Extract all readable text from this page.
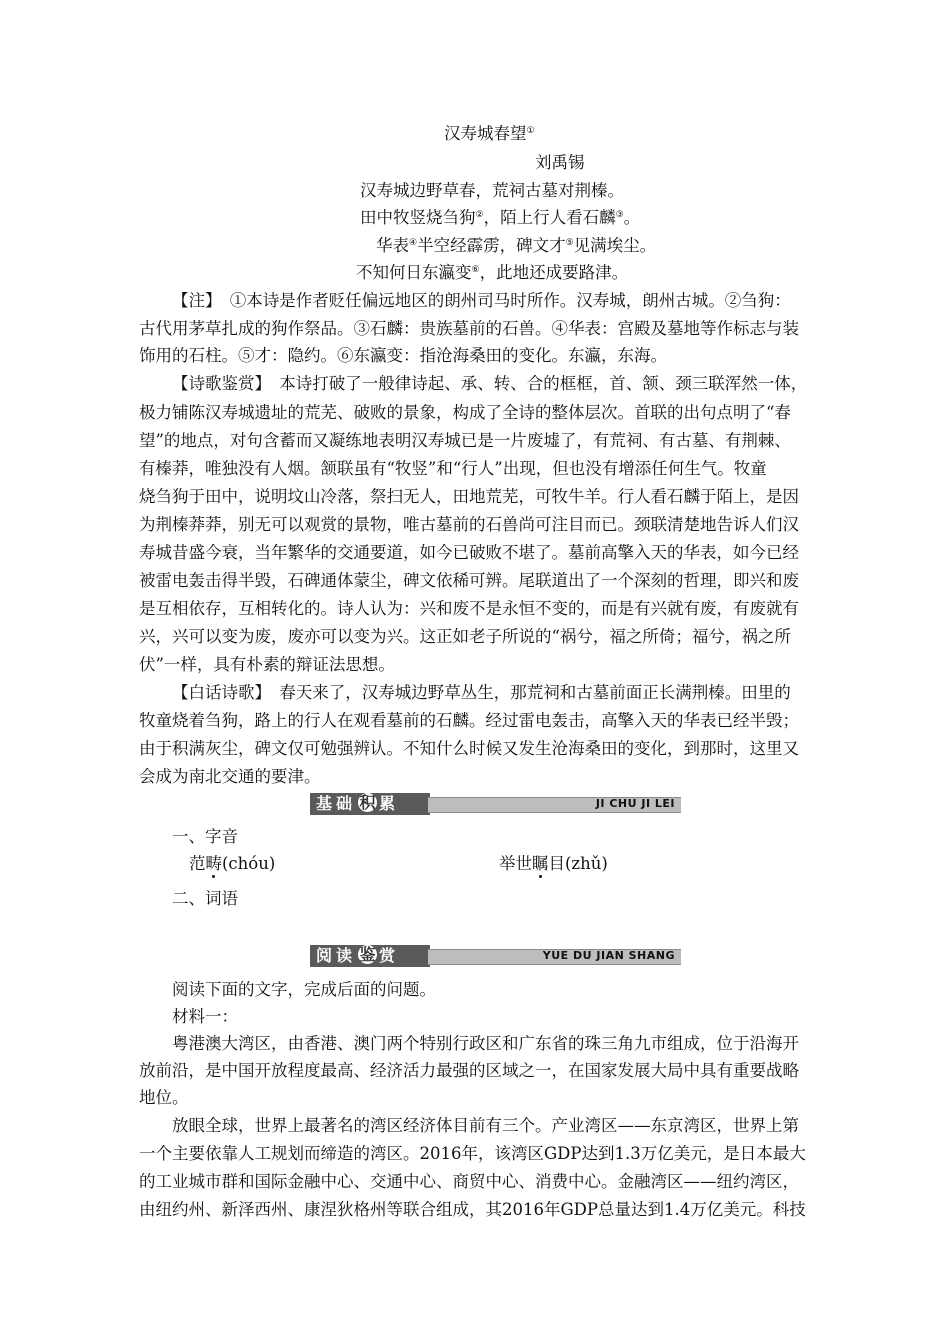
汉寿城春望①
刘禹锡
汉寿城边野草春，荒祠古墓对荆榛。
田中牧竖烧刍狗②，陌上行人看石麟③。
华表④半空经霹雳，碑文才⑤见满埃尘。
不知何日东瀛变⑥，此地还成要路津。
【注】　①本诗是作者贬任偏远地区的朗州司马时所作。汉寿城，朗州古城。②刍狗：
古代用茅草扎成的狗作祭品。③石麟：贵族墓前的石兽。④华表：宫殿及墓地等作标志与装
饰用的石柱。⑤才：隐约。⑥东瀛变：指沧海桑田的变化。东瀛，东海。
【诗歌鉴赏】　本诗打破了一般律诗起、承、转、合的框框，首、颔、颈三联浑然一体，
极力铺陈汉寿城遗址的荒芜、破败的景象，构成了全诗的整体层次。首联的出句点明了“春
望”的地点，对句含蓄而又凝练地表明汉寿城已是一片废墟了，有荒祠、有古墓、有荆棘、
有榛莽，唯独没有人烟。颔联虽有“牧竖”和“行人”出现，但也没有增添任何生气。牧童
烧刍狗于田中，说明坟山冷落，祭扫无人，田地荒芜，可牧牛羊。行人看石麟于陌上，是因
为荆榛莽莽，别无可以观赏的景物，唯古墓前的石兽尚可注目而已。颈联清楚地告诉人们汉
寿城昔盛今衰，当年繁华的交通要道，如今已破败不堪了。墓前高擎入天的华表，如今已经
被雷电轰击得半毁，石碑通体蒙尘，碑文依稀可辨。尾联道出了一个深刻的哲理，即兴和废
是互相依存，互相转化的。诗人认为：兴和废不是永恒不变的，而是有兴就有废，有废就有
兴，兴可以变为废，废亦可以变为兴。这正如老子所说的“祸兮，福之所倚；福兮，祸之所
伏”一样，具有朴素的辩证法思想。
【白话诗歌】　春天来了，汉寿城边野草丛生，那荒祠和古墓前面正长满荆榛。田里的
牧童烧着刍狗，路上的行人在观看墓前的石麟。经过雷电轰击，高擎入天的华表已经半毁；
由于积满灰尘，碑文仅可勉强辨认。不知什么时候又发生沧海桑田的变化，到那时，这里又
会成为南北交通的要津。
基础 积 累	JI CHU JI LEI
一、字音
范畴(chóu)	举世瞩目(zhǔ)
二、词语
阅读 鉴 赏	YUE DU JIAN SHANG
阅读下面的文字，完成后面的问题。
材料一：
粤港澳大湾区，由香港、澳门两个特别行政区和广东省的珠三角九市组成，位于沿海开
放前沿，是中国开放程度最高、经济活力最强的区域之一，在国家发展大局中具有重要战略
地位。
放眼全球，世界上最著名的湾区经济体目前有三个。产业湾区——东京湾区，世界上第
一个主要依靠人工规划而缔造的湾区。2016年，该湾区GDP达到1.3万亿美元，是日本最大
的工业城市群和国际金融中心、交通中心、商贸中心、消费中心。金融湾区——纽约湾区，
由纽约州、新泽西州、康涅狄格州等联合组成，其2016年GDP总量达到1.4万亿美元。科技
